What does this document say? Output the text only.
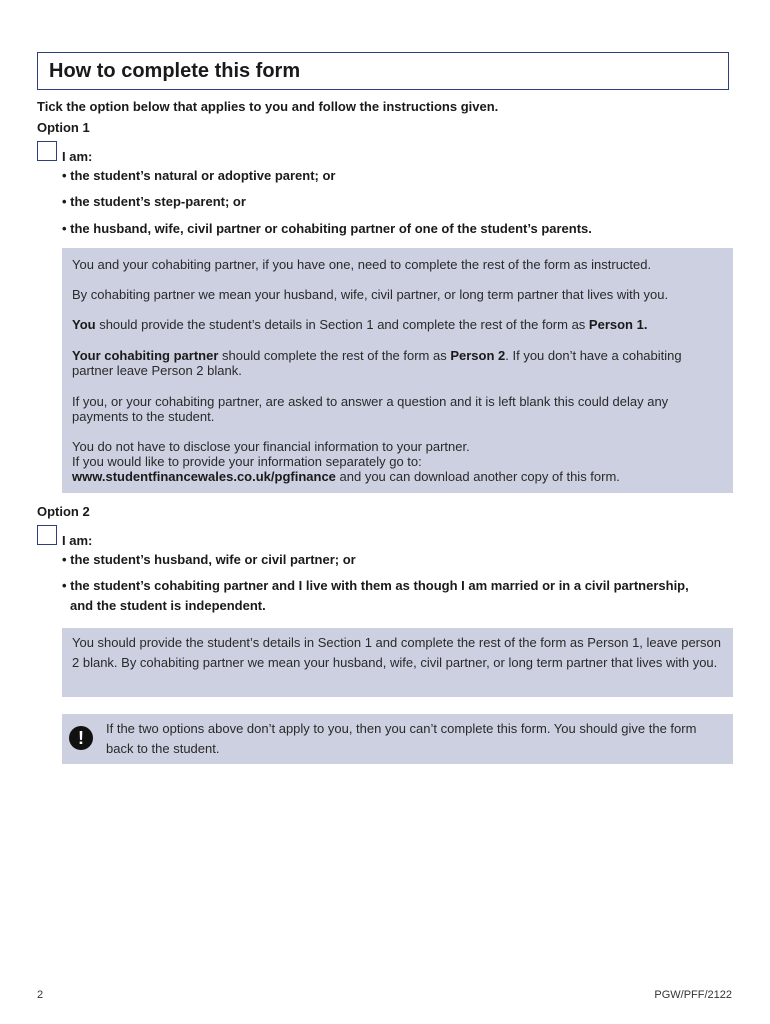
How to complete this form
Tick the option below that applies to you and follow the instructions given.
Option 1
I am:
• the student’s natural or adoptive parent; or
• the student’s step-parent; or
• the husband, wife, civil partner or cohabiting partner of one of the student’s parents.

You and your cohabiting partner, if you have one, need to complete the rest of the form as instructed.

By cohabiting partner we mean your husband, wife, civil partner, or long term partner that lives with you.

You should provide the student’s details in Section 1 and complete the rest of the form as Person 1.

Your cohabiting partner should complete the rest of the form as Person 2. If you don’t have a cohabiting partner leave Person 2 blank.

If you, or your cohabiting partner, are asked to answer a question and it is left blank this could delay any payments to the student.

You do not have to disclose your financial information to your partner.
If you would like to provide your information separately go to:
www.studentfinancewales.co.uk/pgfinance and you can download another copy of this form.

Option 2
I am:
• the student’s husband, wife or civil partner; or
• the student’s cohabiting partner and I live with them as though I am married or in a civil partnership,
and the student is independent.

You should provide the student’s details in Section 1 and complete the rest of the form as Person 1, leave person 2 blank. By cohabiting partner we mean your husband, wife, civil partner, or long term partner that lives with you.

!	If the two options above don’t apply to you, then you can’t complete this form. You should give the form back to the student.

2	PGW/PFF/2122
